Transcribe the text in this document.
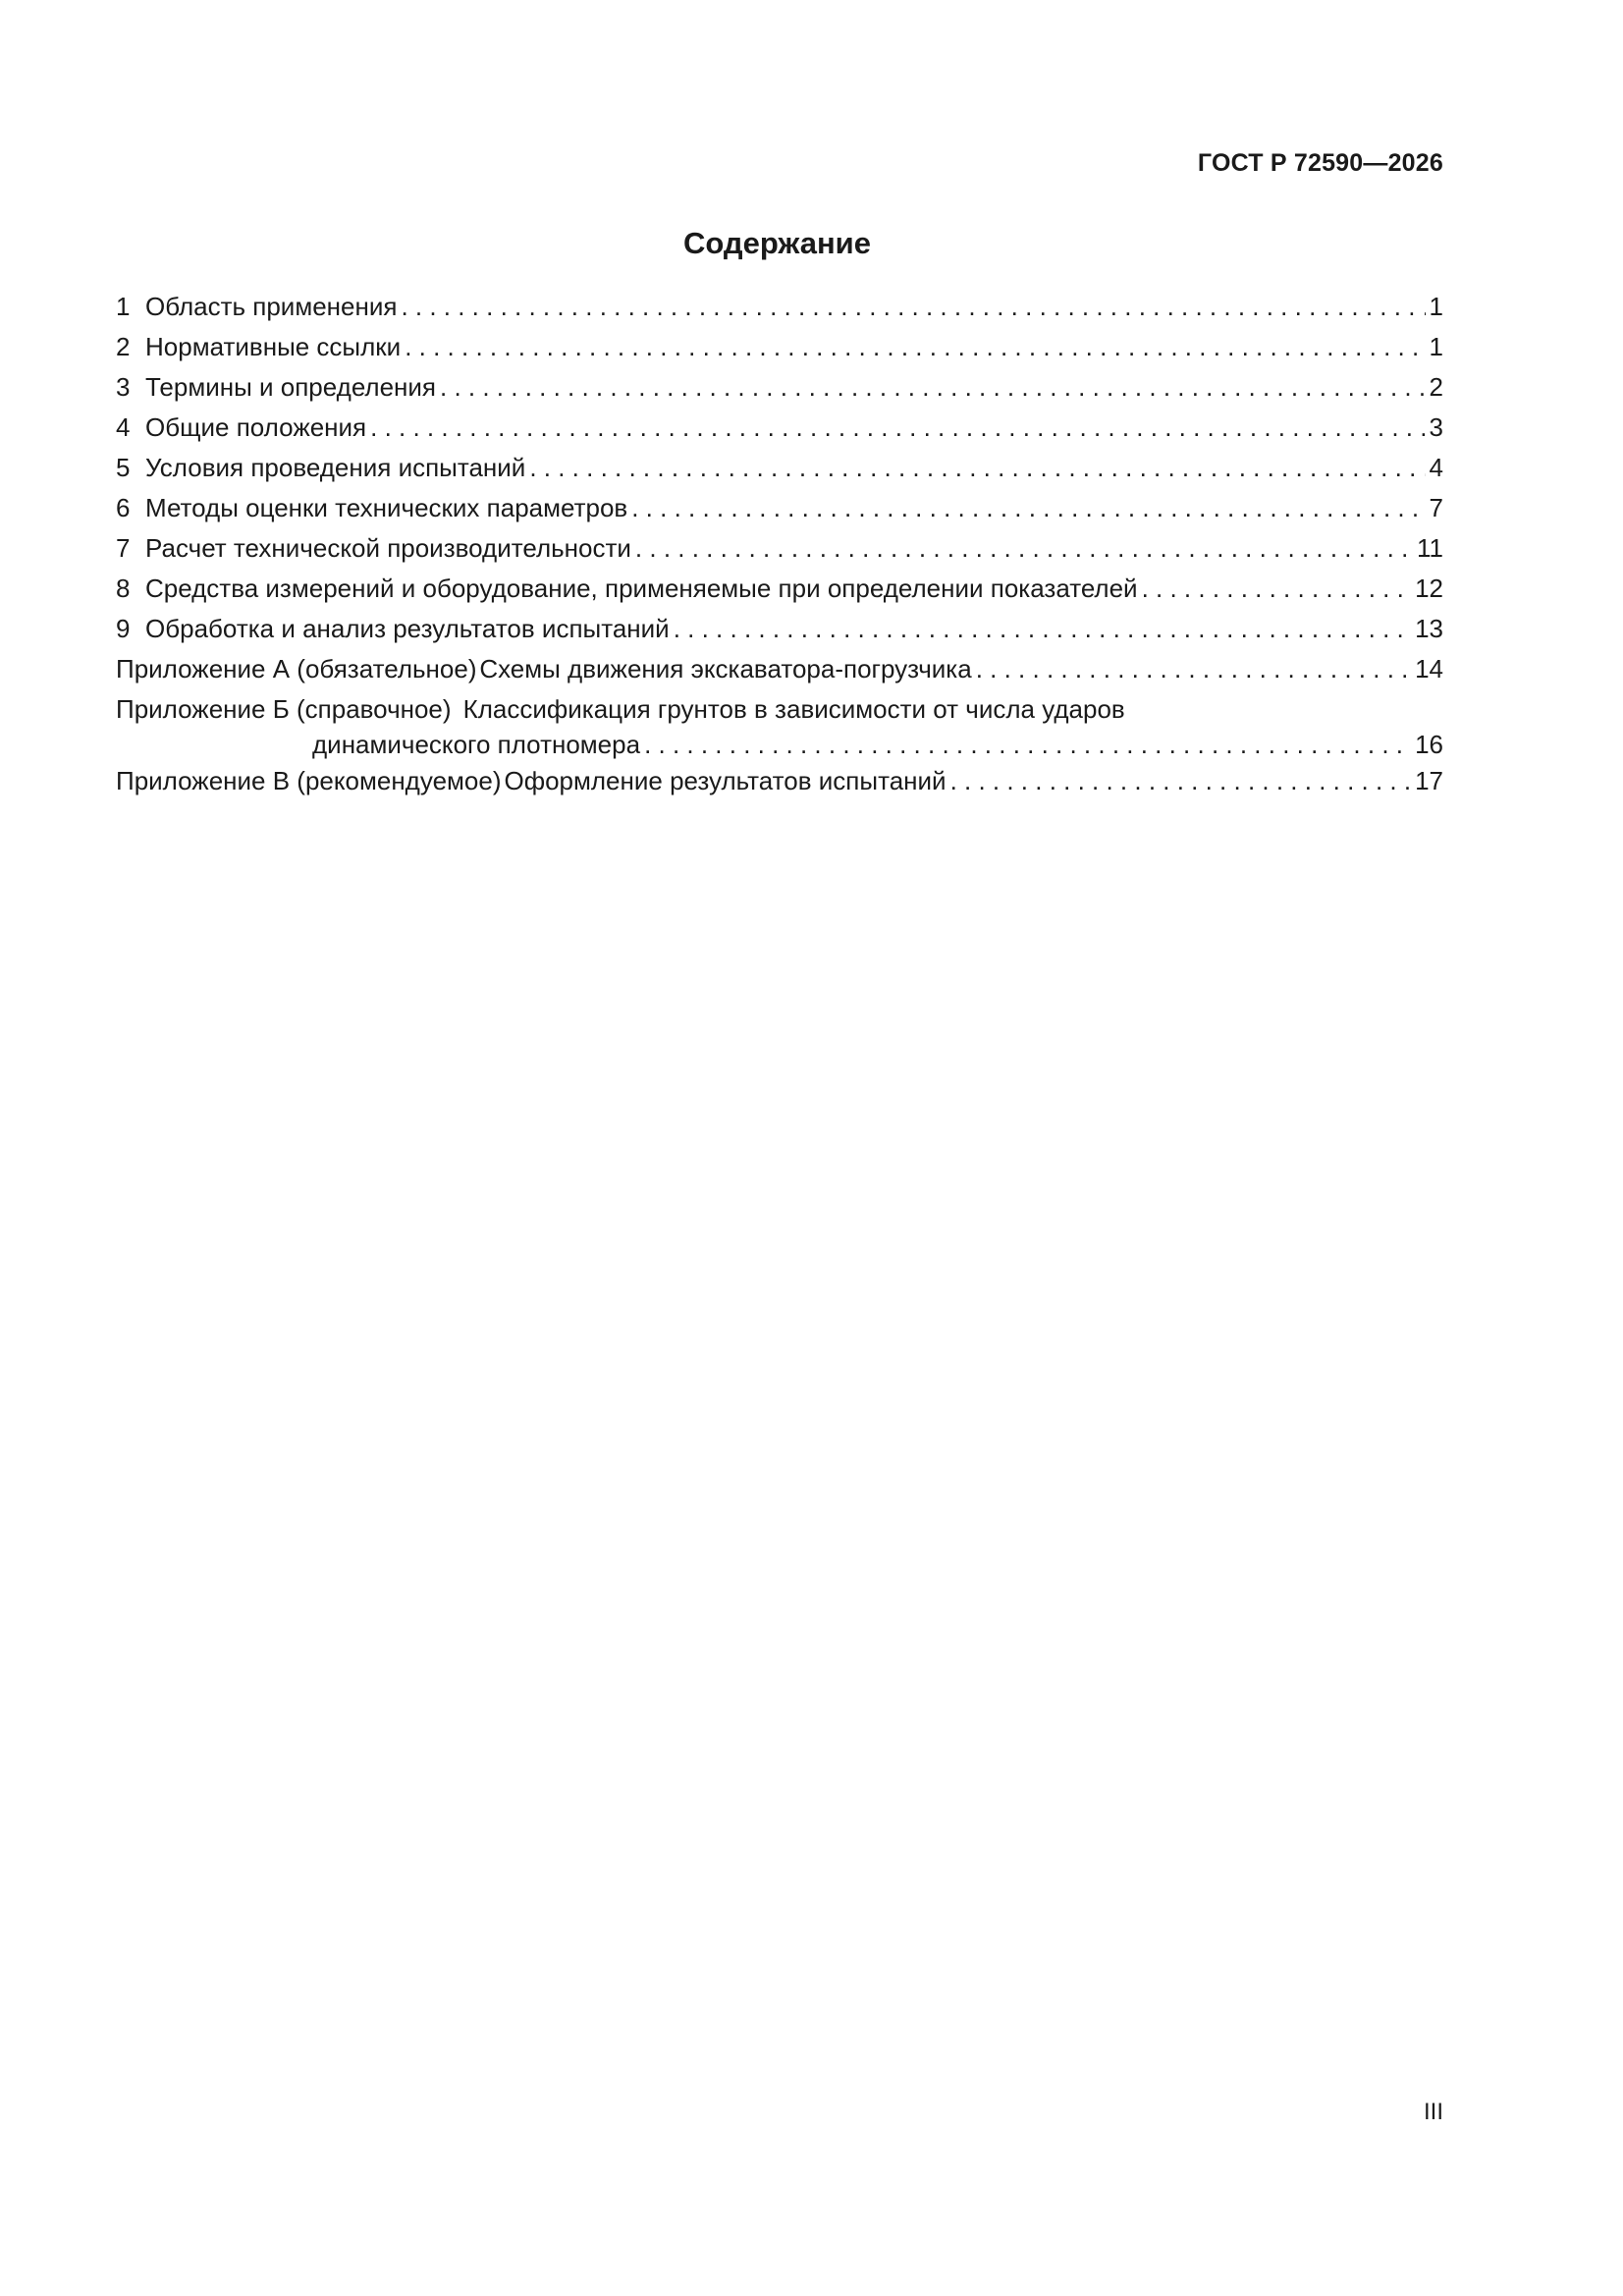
ГОСТ Р 72590—2026
Содержание
1 Область применения . . .	1
2 Нормативные ссылки . . .	1
3 Термины и определения . . .	2
4 Общие положения . . .	3
5 Условия проведения испытаний . . .	4
6 Методы оценки технических параметров . . .	7
7 Расчет технической производительности . . .	11
8 Средства измерений и оборудование, применяемые при определении показателей . . .	12
9 Обработка и анализ результатов испытаний . . .	13
Приложение А (обязательное) Схемы движения экскаватора-погрузчика . . .	14
Приложение Б (справочное) Классификация грунтов в зависимости от числа ударов
динамического плотномера . . .	16
Приложение В (рекомендуемое) Оформление результатов испытаний . . .	17
III
